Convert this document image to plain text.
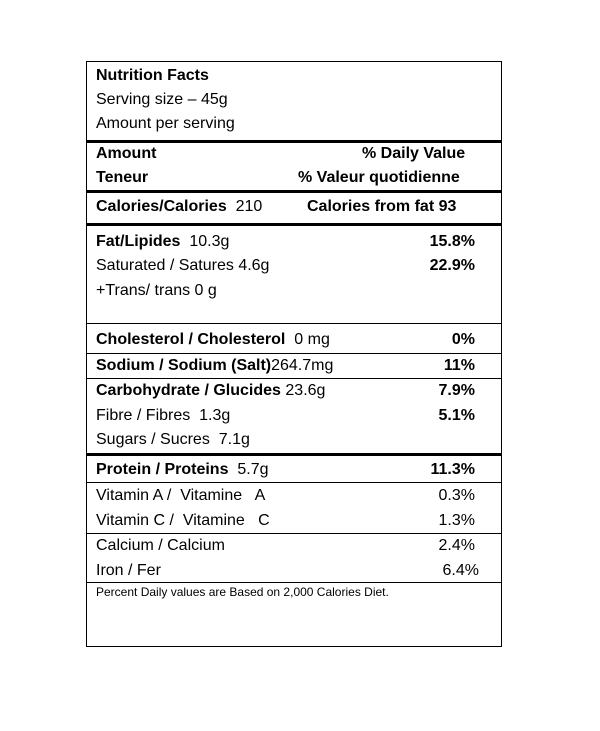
Nutrition Facts
Serving size – 45g
Amount per serving
Amount	% Daily Value
Teneur	% Valeur quotidienne
Calories/Calories 210	Calories from fat 93
Fat/Lipides 10.3g	15.8%
Saturated / Satures 4.6g	22.9%
+Trans/ trans 0 g
Cholesterol / Cholesterol 0 mg	0%
Sodium / Sodium (Salt)264.7mg	11%
Carbohydrate / Glucides 23.6g	7.9%
Fibre / Fibres 1.3g	5.1%
Sugars / Sucres 7.1g
Protein / Proteins 5.7g	11.3%
Vitamin A /  Vitamine   A	0.3%
Vitamin C /  Vitamine   C	1.3%
Calcium / Calcium	2.4%
Iron / Fer	6.4%
Percent Daily values are Based on 2,000 Calories Diet.
